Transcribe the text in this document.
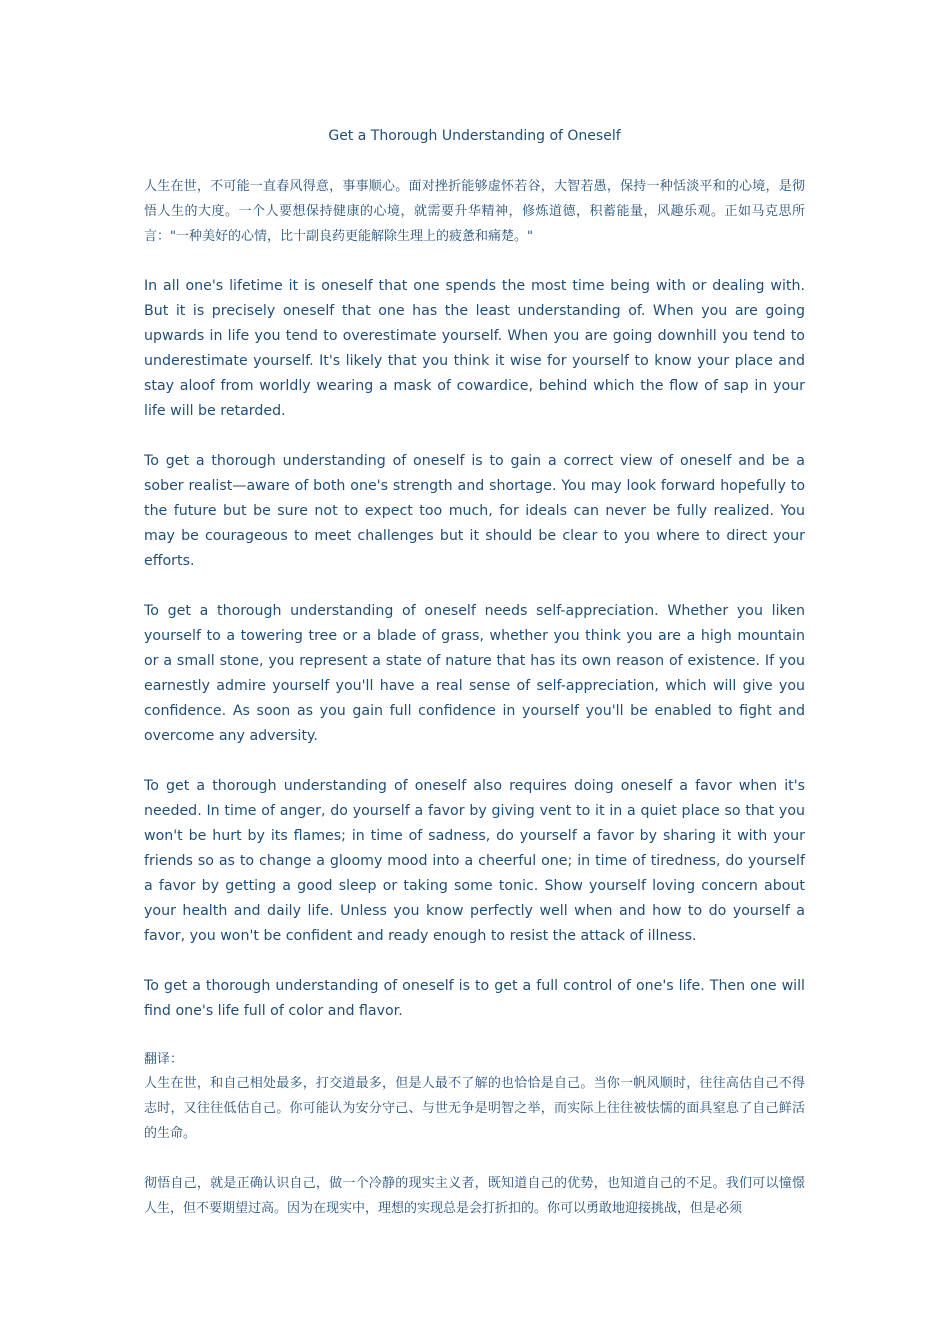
Get a Thorough Understanding of Oneself

人生在世，不可能一直春风得意，事事顺心。面对挫折能够虚怀若谷，大智若愚，保持一种恬淡平和的心境，是彻悟人生的大度。一个人要想保持健康的心境，就需要升华精神，修炼道德，积蓄能量，风趣乐观。正如马克思所言："一种美好的心情，比十副良药更能解除生理上的疲惫和痛楚。"

In all one's lifetime it is oneself that one spends the most time being with or dealing with. But it is precisely oneself that one has the least understanding of. When you are going upwards in life you tend to overestimate yourself. When you are going downhill you tend to underestimate yourself. It's likely that you think it wise for yourself to know your place and stay aloof from worldly wearing a mask of cowardice, behind which the flow of sap in your life will be retarded.

To get a thorough understanding of oneself is to gain a correct view of oneself and be a sober realist—aware of both one's strength and shortage. You may look forward hopefully to the future but be sure not to expect too much, for ideals can never be fully realized. You may be courageous to meet challenges but it should be clear to you where to direct your efforts.

To get a thorough understanding of oneself needs self-appreciation. Whether you liken yourself to a towering tree or a blade of grass, whether you think you are a high mountain or a small stone, you represent a state of nature that has its own reason of existence. If you earnestly admire yourself you'll have a real sense of self-appreciation, which will give you confidence. As soon as you gain full confidence in yourself you'll be enabled to fight and overcome any adversity.

To get a thorough understanding of oneself also requires doing oneself a favor when it's needed. In time of anger, do yourself a favor by giving vent to it in a quiet place so that you won't be hurt by its flames; in time of sadness, do yourself a favor by sharing it with your friends so as to change a gloomy mood into a cheerful one; in time of tiredness, do yourself a favor by getting a good sleep or taking some tonic. Show yourself loving concern about your health and daily life. Unless you know perfectly well when and how to do yourself a favor, you won't be confident and ready enough to resist the attack of illness.

To get a thorough understanding of oneself is to get a full control of one's life. Then one will find one's life full of color and flavor.

翻译：

人生在世，和自己相处最多，打交道最多，但是人最不了解的也恰恰是自己。当你一帆风顺时，往往高估自己不得志时，又往往低估自己。你可能认为安分守己、与世无争是明智之举，而实际上往往被怯懦的面具窒息了自己鲜活的生命。

彻悟自己，就是正确认识自己，做一个冷静的现实主义者，既知道自己的优势，也知道自己的不足。我们可以憧憬人生，但不要期望过高。因为在现实中，理想的实现总是会打折扣的。你可以勇敢地迎接挑战，但是必须
